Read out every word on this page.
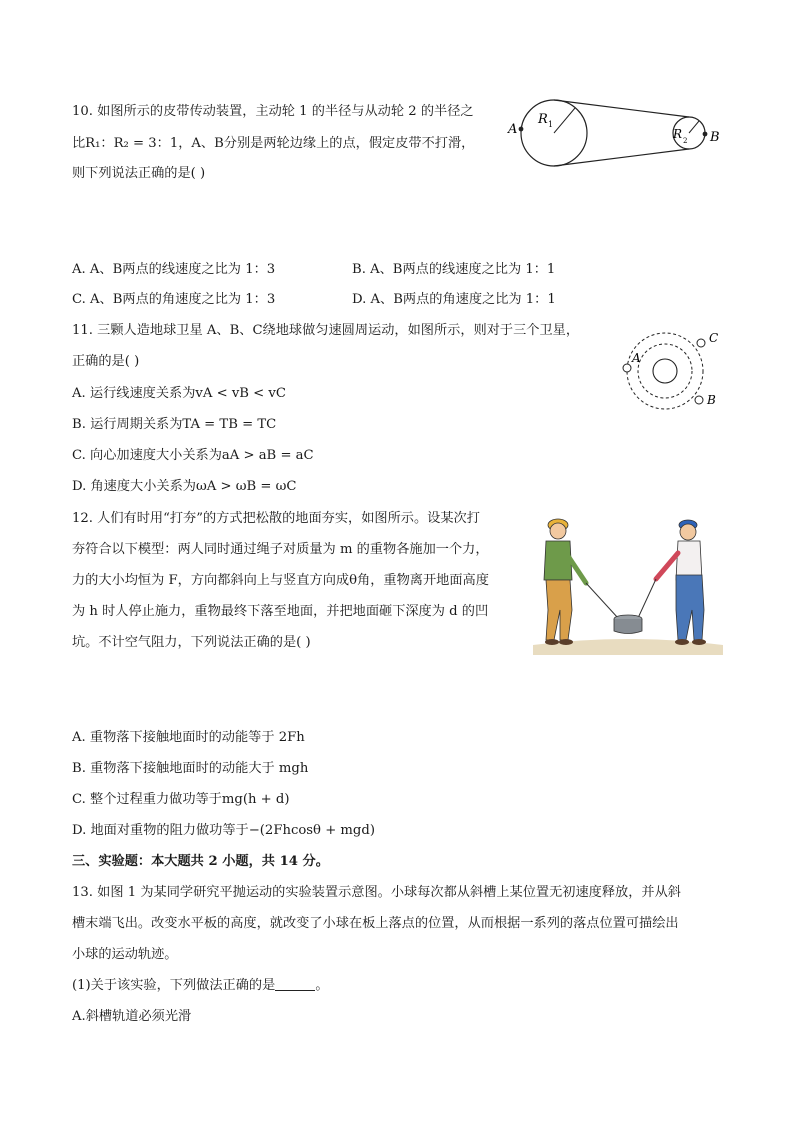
10. 如图所示的皮带传动装置，主动轮 1 的半径与从动轮 2 的半径之
比R₁：R₂ = 3：1，A、B分别是两轮边缘上的点，假定皮带不打滑，
则下列说法正确的是( )
A
R 1
R 2 B
A. A、B两点的线速度之比为 1：3	B. A、B两点的线速度之比为 1：1
C. A、B两点的角速度之比为 1：3	D. A、B两点的角速度之比为 1：1
11. 三颗人造地球卫星 A、B、C绕地球做匀速圆周运动，如图所示，则对于三个卫星，
正确的是( )	A
B
C
A. 运行线速度关系为vA < vB < vC
B. 运行周期关系为TA = TB = TC
C. 向心加速度大小关系为aA > aB = aC
D. 角速度大小关系为ωA > ωB = ωC
12. 人们有时用“打夯”的方式把松散的地面夯实，如图所示。设某次打
夯符合以下模型：两人同时通过绳子对质量为 m 的重物各施加一个力，
力的大小均恒为 F，方向都斜向上与竖直方向成θ角，重物离开地面高度
为 h 时人停止施力，重物最终下落至地面，并把地面砸下深度为 d 的凹
坑。不计空气阻力，下列说法正确的是( )
A. 重物落下接触地面时的动能等于 2Fh
B. 重物落下接触地面时的动能大于 mgh
C. 整个过程重力做功等于mg(h + d)
D. 地面对重物的阻力做功等于−(2Fhcosθ + mgd)
三、实验题：本大题共 2 小题，共 14 分。
13. 如图 1 为某同学研究平抛运动的实验装置示意图。小球每次都从斜槽上某位置无初速度释放，并从斜
槽末端飞出。改变水平板的高度，就改变了小球在板上落点的位置，从而根据一系列的落点位置可描绘出
小球的运动轨迹。
(1)关于该实验，下列做法正确的是	。
A.斜槽轨道必须光滑
